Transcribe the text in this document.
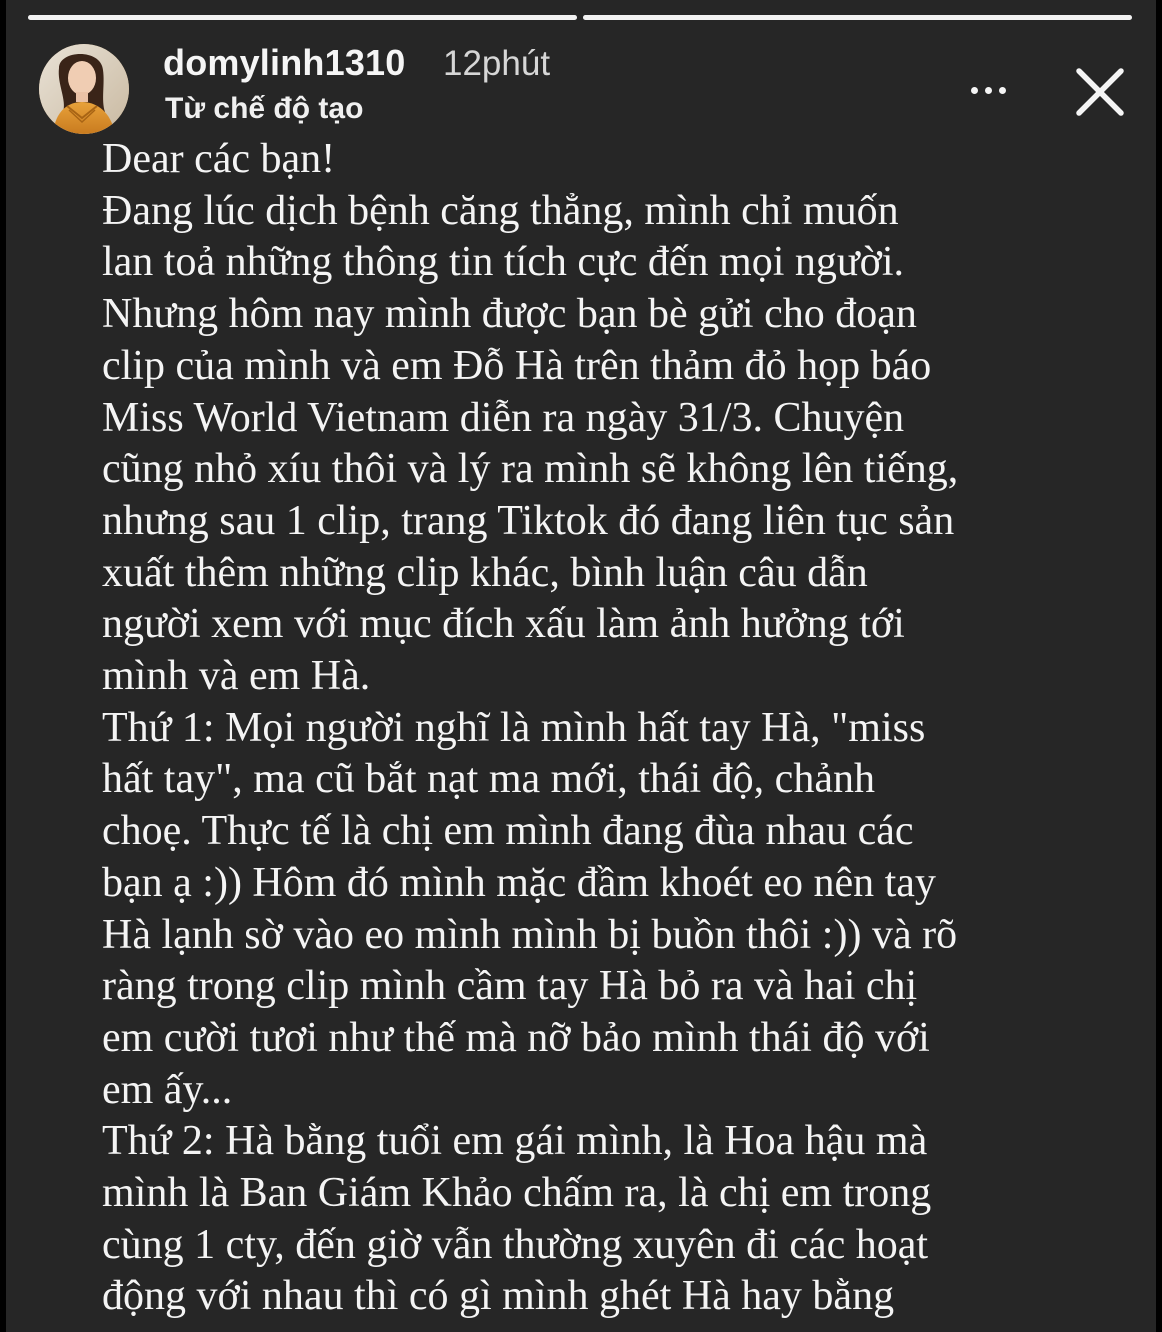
domylinh1310 12phút
Từ chế độ tạo
Dear các bạn!
Đang lúc dịch bệnh căng thẳng, mình chỉ muốn
lan toả những thông tin tích cực đến mọi người.
Nhưng hôm nay mình được bạn bè gửi cho đoạn
clip của mình và em Đỗ Hà trên thảm đỏ họp báo
Miss World Vietnam diễn ra ngày 31/3. Chuyện
cũng nhỏ xíu thôi và lý ra mình sẽ không lên tiếng,
nhưng sau 1 clip, trang Tiktok đó đang liên tục sản
xuất thêm những clip khác, bình luận câu dẫn
người xem với mục đích xấu làm ảnh hưởng tới
mình và em Hà.
Thứ 1: Mọi người nghĩ là mình hất tay Hà, "miss
hất tay", ma cũ bắt nạt ma mới, thái độ, chảnh
choẹ. Thực tế là chị em mình đang đùa nhau các
bạn ạ :)) Hôm đó mình mặc đầm khoét eo nên tay
Hà lạnh sờ vào eo mình mình bị buồn thôi :)) và rõ
ràng trong clip mình cầm tay Hà bỏ ra và hai chị
em cười tươi như thế mà nỡ bảo mình thái độ với
em ấy...
Thứ 2: Hà bằng tuổi em gái mình, là Hoa hậu mà
mình là Ban Giám Khảo chấm ra, là chị em trong
cùng 1 cty, đến giờ vẫn thường xuyên đi các hoạt
động với nhau thì có gì mình ghét Hà hay bằng
